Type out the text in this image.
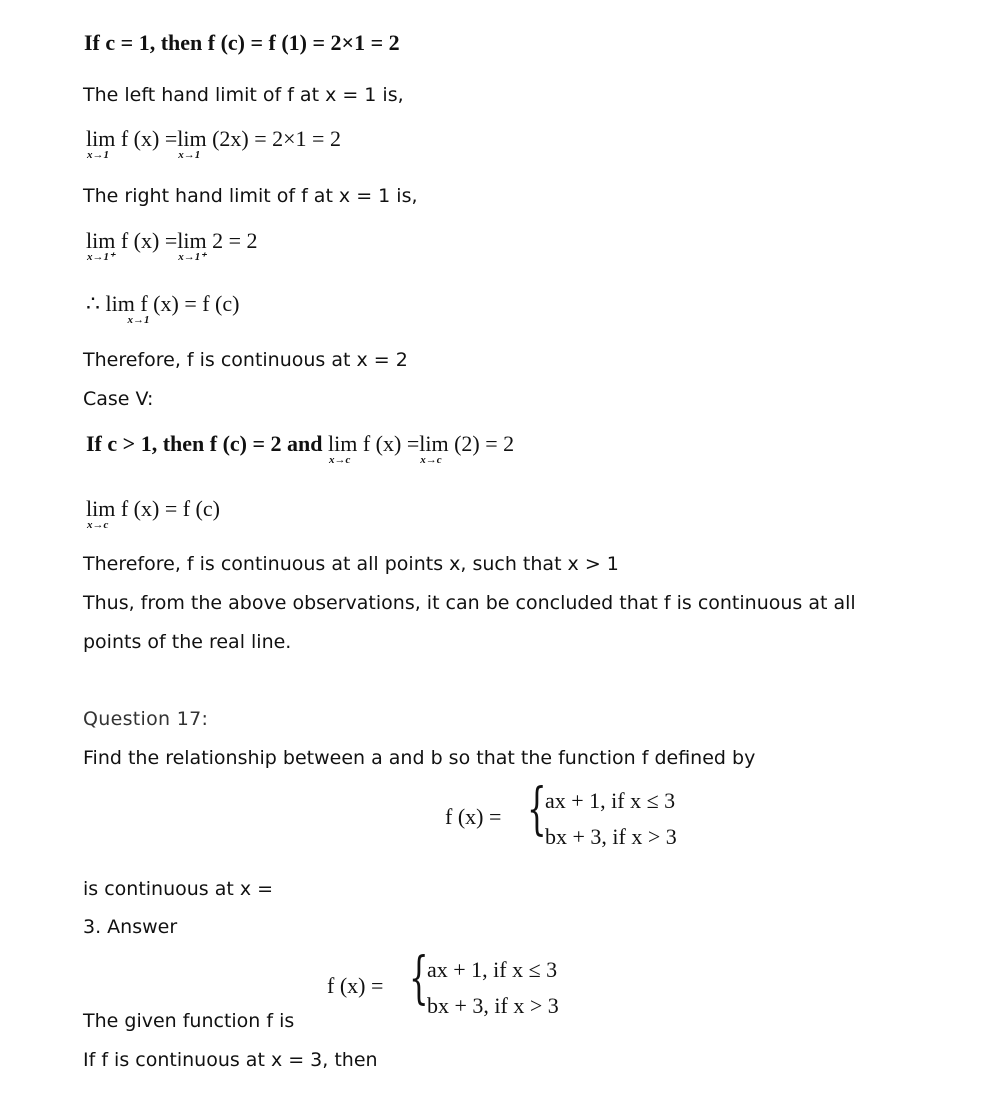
If c = 1, then f (c) = f (1) = 2×1 = 2
The left hand limit of f at x = 1 is,
lim f (x) =
x→1
lim (2x) = 2×1 = 2
x→1
The right hand limit of f at x = 1 is,
lim f (x) =
x→1⁺
lim 2 = 2
x→1⁺
∴ lim f (x) = f (c)
x→1
Therefore, f is continuous at x = 2
Case V:
If c > 1, then f (c) = 2 and lim f (x) =
x→c
lim (2) = 2
x→c
lim f (x) = f (c)
x→c
Therefore, f is continuous at all points x, such that x > 1
Thus, from the above observations, it can be concluded that f is continuous at all
points of the real line.
Question 17:
Find the relationship between a and b so that the function f defined by
f (x) = {
ax + 1, if x ≤ 3
bx + 3, if x > 3
is continuous at x =
3. Answer
f (x) = {
ax + 1, if x ≤ 3
bx + 3, if x > 3
The given function f is
If f is continuous at x = 3, then
